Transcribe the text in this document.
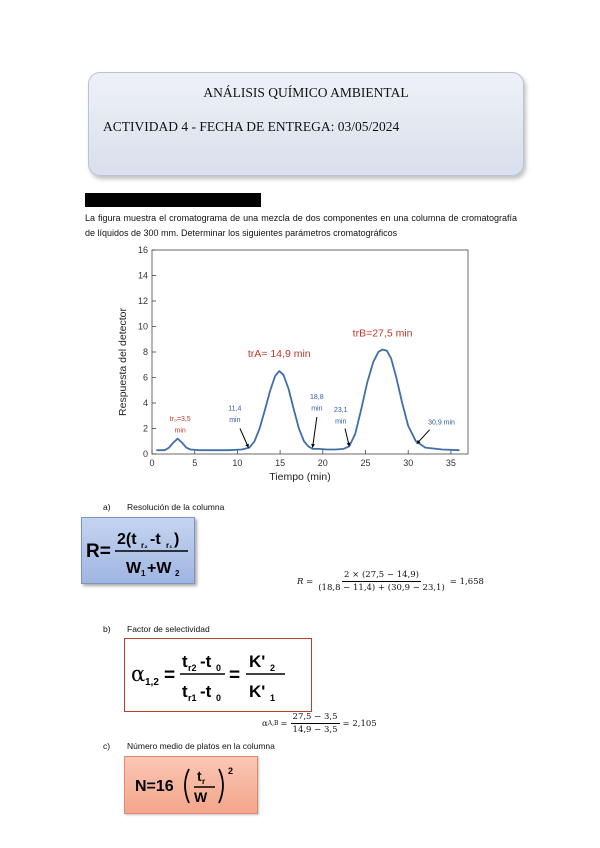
ANÁLISIS QUÍMICO AMBIENTAL
ACTIVIDAD 4 - FECHA DE ENTREGA: 03/05/2024
La figura muestra el cromatograma de una mezcla de dos componentes en una columna de cromatografía de líquidos de 300 mm. Determinar los siguientes parámetros cromatográficos
0	5	10	15	20	25	30	35
0
2
4
6
8
10
12
14
16
Tiempo (min)
Respuesta del detector	trA= 14,9 min
trB=27,5 min
tr₀=3,5
min
11,4
min
18,8
min 23,1
min	30,9 min
a) Resolución de la columna
R=
2(t r₂ -t r₁ )
W 1 +W 2
$R = \frac{2 \times (27,5 - 14,9)}{(18,8 - 11,4) + (30,9 - 23,1)} = 1,658$
b) Factor de selectividad
α 1,2 =
t r2 -t 0
t r1 -t 0
=
K' 2
K' 1
α $A,B = \frac{27,5 - 3,5}{14,9 - 3,5} = 2,105$
c) Número medio de platos en la columna
N=16
t r
W
2
